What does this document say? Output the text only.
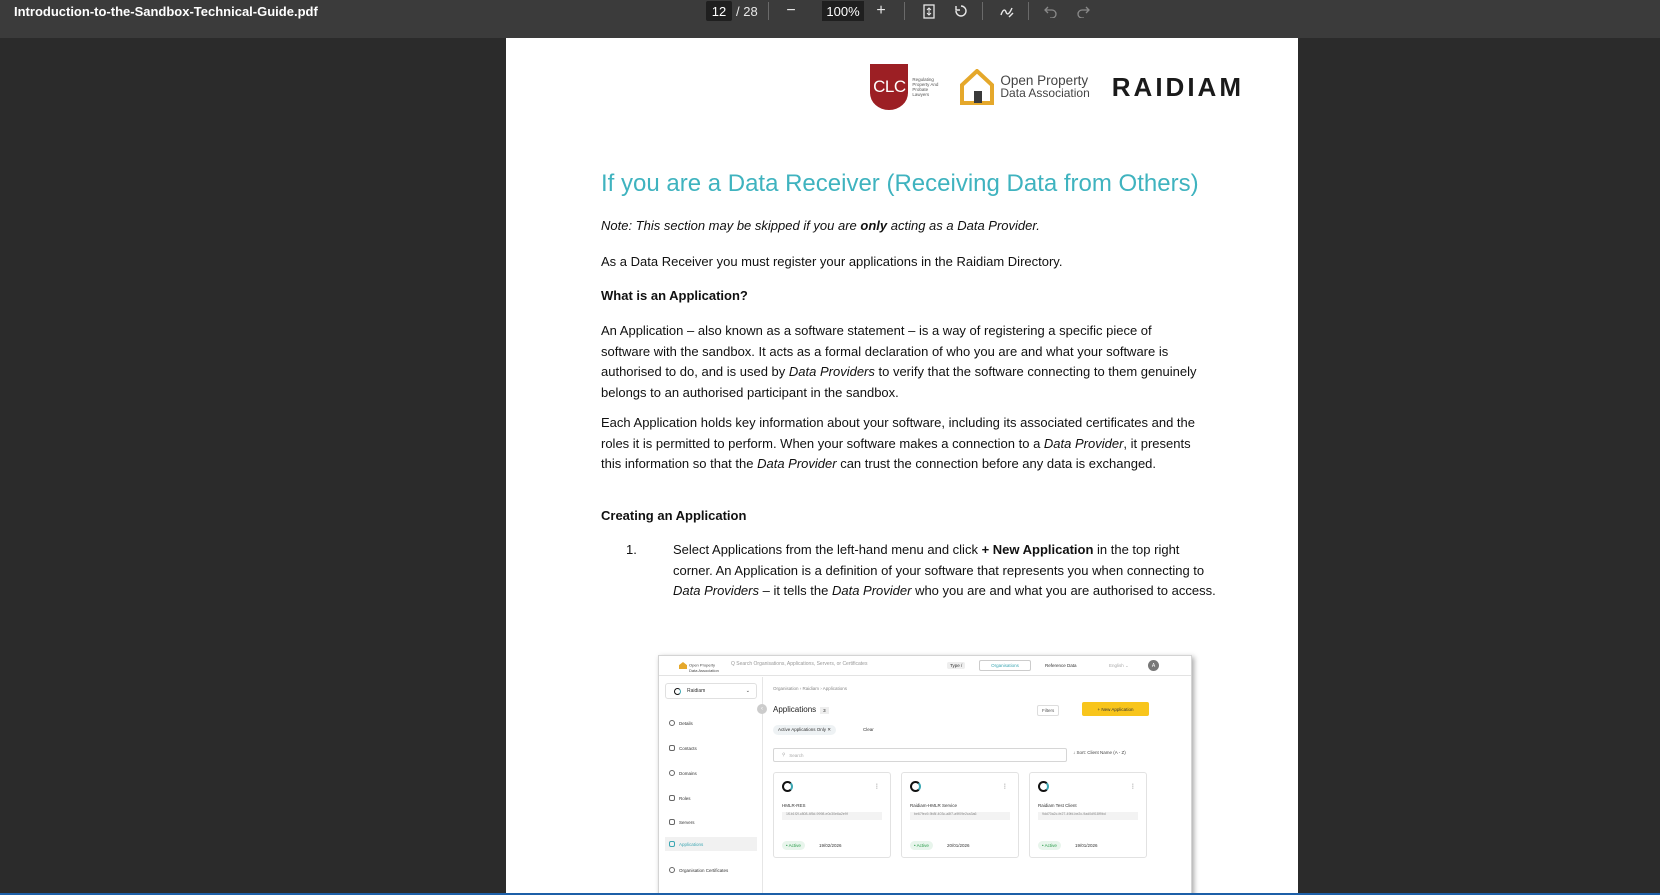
Introduction-to-the-Sandbox-Technical-Guide.pdf	12 / 28 −	100% +
CLC	Regulating Property And Probate Lawyers
Open Property
Data Association RAIDIAM
If you are a Data Receiver (Receiving Data from Others)

Note: This section may be skipped if you are only acting as a Data Provider.

As a Data Receiver you must register your applications in the Raidiam Directory.

What is an Application?

An Application – also known as a software statement – is a way of registering a specific piece of software with the sandbox. It acts as a formal declaration of who you are and what your software is authorised to do, and is used by Data Providers to verify that the software connecting to them genuinely belongs to an authorised participant in the sandbox.

Each Application holds key information about your software, including its associated certificates and the roles it is permitted to perform. When your software makes a connection to a Data Provider, it presents this information so that the Data Provider can trust the connection before any data is exchanged.

Creating an Application

1.	Select Applications from the left-hand menu and click + New Application in the top right corner. An Application is a definition of your software that represents you when connecting to Data Providers – it tells the Data Provider who you are and what you are authorised to access.
Open Property
Data Association
Q Search Organisations, Applications, Servers, or Certificates	Type /	Organisations	Reference Data	English ⌄	A
Raidiam	⌄
Details
Contacts
Domains
Roles
Servers
Applications
Organisation Certificates
‹
Organisation › Raidiam › Applications
Applications 3	Filters	+ New Application
Active Applications Only ✕	Clear
⚲ Search	↓ Sort: Client Name (A - Z)
⋮
HMLR-RES
1f1b1f2f-c808-4f5d-9998-e0c30e6a2e9f
• Active	19/02/2026
⋮
Raidiam-HMLR Service
be67fec9-9b8f-403c-a8f7-a9f09e2ca3a6
• Active	20/01/2026
⋮
Raidiam Test Client
9dd70a2c-fe27-49fd-be2c-9ad0d918f9bd
• Active	19/01/2026
